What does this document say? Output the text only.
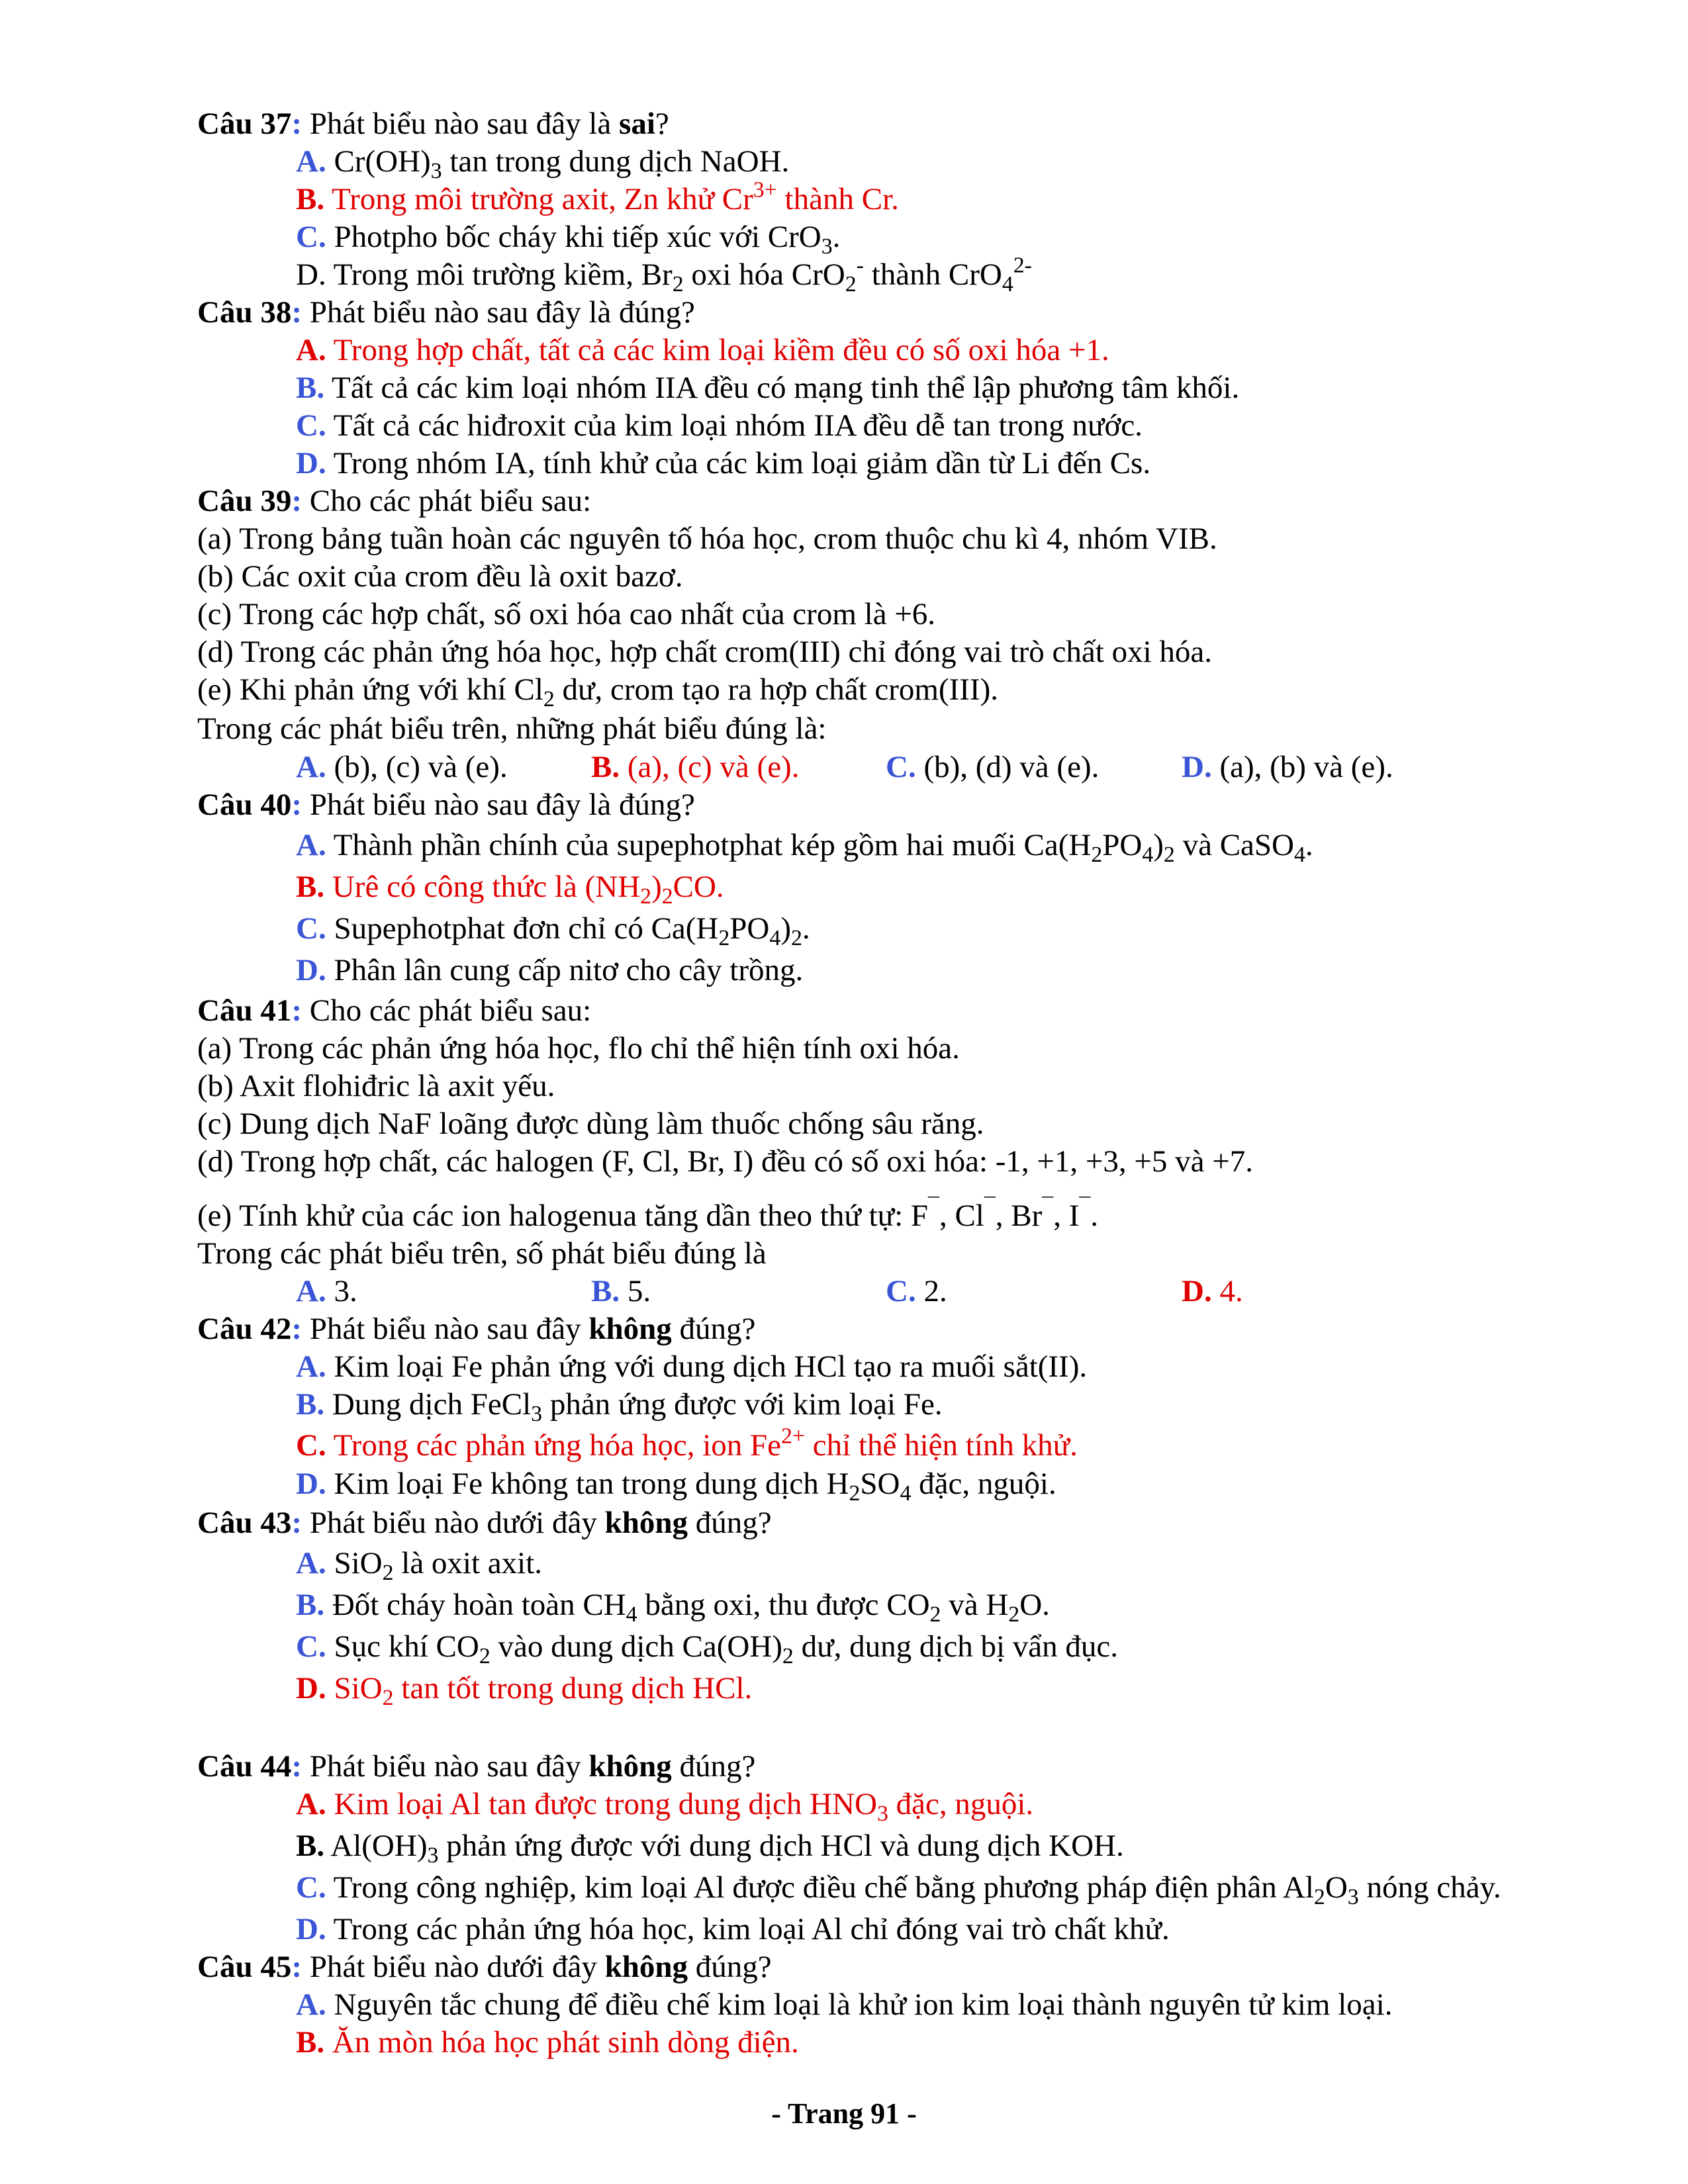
Câu 37: Phát biểu nào sau đây là sai?
A. $Cr(OH)_3$ tan trong dung dịch NaOH.
B. Trong môi trường axit, Zn khử $Cr^{3+}$ thành Cr.
C. Photpho bốc cháy khi tiếp xúc với CrO$_3$.
D. Trong môi trường kiềm, $Br_2$ oxi hóa CrO$_2$- thành CrO$_4^{2-}$
Câu 38: Phát biểu nào sau đây là đúng?
A. Trong hợp chất, tất cả các kim loại kiềm đều có số oxi hóa +1.
B. Tất cả các kim loại nhóm IIA đều có mạng tinh thể lập phương tâm khối.
C. Tất cả các hiđroxit của kim loại nhóm IIA đều dễ tan trong nước.
D. Trong nhóm IA, tính khử của các kim loại giảm dần từ Li đến Cs.
Câu 39: Cho các phát biểu sau:
(a) Trong bảng tuần hoàn các nguyên tố hóa học, crom thuộc chu kì 4, nhóm VIB.
(b) Các oxit của crom đều là oxit bazơ.
(c) Trong các hợp chất, số oxi hóa cao nhất của crom là +6.
(d) Trong các phản ứng hóa học, hợp chất crom(III) chỉ đóng vai trò chất oxi hóa.
(e) Khi phản ứng với khí $Cl_2$ dư, crom tạo ra hợp chất crom(III).
Trong các phát biểu trên, những phát biểu đúng là:
A. (b), (c) và (e).	B. (a), (c) và (e).	C. (b), (d) và (e).	D. (a), (b) và (e).
Câu 40: Phát biểu nào sau đây là đúng?
A. Thành phần chính của supephotphat kép gồm hai muối $Ca(H_2PO_4)_2$ và CaSO$_4$.
B. Urê có công thức là $(NH_2)_2CO$.
C. Supephotphat đơn chỉ có $Ca(H_2PO_4)_2$.
D. Phân lân cung cấp nitơ cho cây trồng.
Câu 41: Cho các phát biểu sau:
(a) Trong các phản ứng hóa học, flo chỉ thể hiện tính oxi hóa.
(b) Axit flohiđric là axit yếu.
(c) Dung dịch NaF loãng được dùng làm thuốc chống sâu răng.
(d) Trong hợp chất, các halogen (F, Cl, Br, I) đều có số oxi hóa: -1, +1, +3, +5 và +7.
(e) Tính khử của các ion halogenua tăng dần theo thứ tự: F¯, Cl¯, Br¯, I¯.
Trong các phát biểu trên, số phát biểu đúng là
A. 3.	B. 5.	C. 2.	D. 4.
Câu 42: Phát biểu nào sau đây không đúng?
A. Kim loại Fe phản ứng với dung dịch HCl tạo ra muối sắt(II).
B. Dung dịch FeCl$_3$ phản ứng được với kim loại Fe.
C. Trong các phản ứng hóa học, ion $Fe^{2+}$ chỉ thể hiện tính khử.
D. Kim loại Fe không tan trong dung dịch $H_2SO_4$ đặc, nguội.
Câu 43: Phát biểu nào dưới đây không đúng?
A. SiO$_2$ là oxit axit.
B. Đốt cháy hoàn toàn $CH_4$ bằng oxi, thu được $CO_2$ và $H_2O$.
C. Sục khí $CO_2$ vào dung dịch $Ca(OH)_2$ dư, dung dịch bị vẩn đục.
D. SiO$_2$ tan tốt trong dung dịch HCl.
Câu 44: Phát biểu nào sau đây không đúng?
A. Kim loại Al tan được trong dung dịch $HNO_3$ đặc, nguội.
B. $Al(OH)_3$ phản ứng được với dung dịch HCl và dung dịch KOH.
C. Trong công nghiệp, kim loại Al được điều chế bằng phương pháp điện phân $Al_2O_3$ nóng chảy.
D. Trong các phản ứng hóa học, kim loại Al chỉ đóng vai trò chất khử.
Câu 45: Phát biểu nào dưới đây không đúng?
A. Nguyên tắc chung để điều chế kim loại là khử ion kim loại thành nguyên tử kim loại.
B. Ăn mòn hóa học phát sinh dòng điện.
- Trang 91 -
